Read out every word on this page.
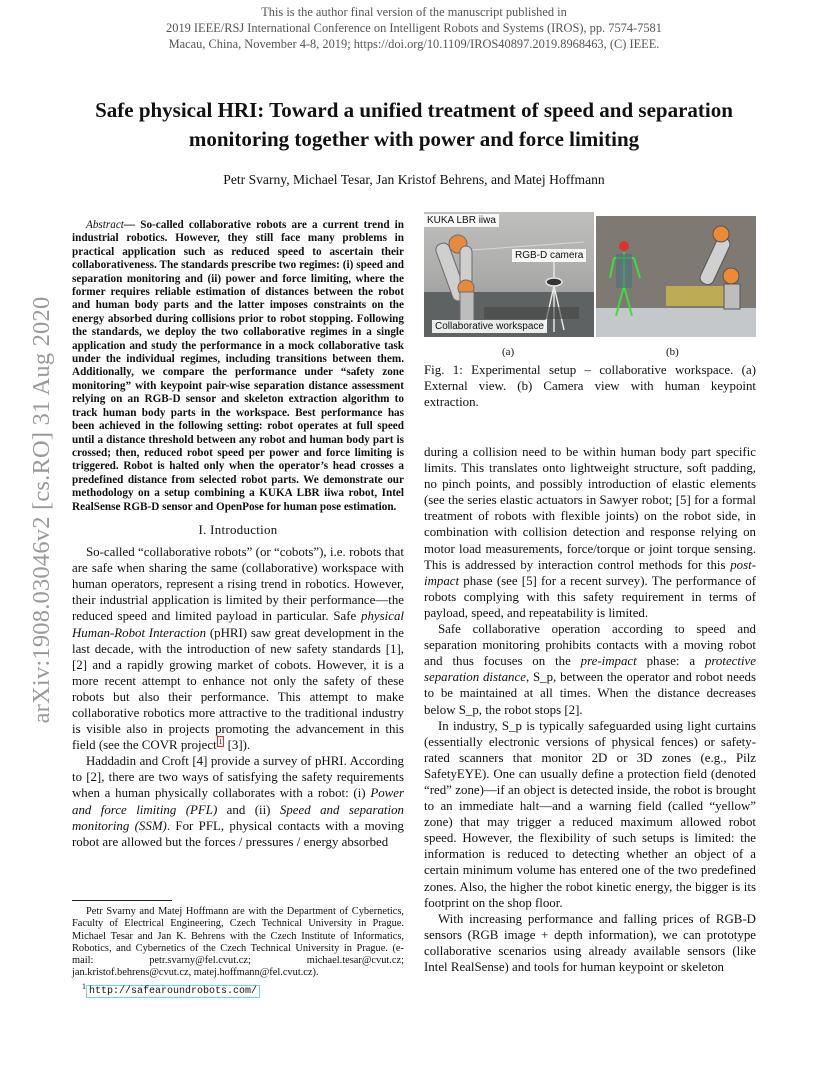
This is the author final version of the manuscript published in
2019 IEEE/RSJ International Conference on Intelligent Robots and Systems (IROS), pp. 7574-7581
Macau, China, November 4-8, 2019; https://doi.org/10.1109/IROS40897.2019.8968463, (C) IEEE.
Safe physical HRI: Toward a unified treatment of speed and separation
monitoring together with power and force limiting
Petr Svarny, Michael Tesar, Jan Kristof Behrens, and Matej Hoffmann
arXiv:1908.03046v2 [cs.RO] 31 Aug 2020
Abstract— So-called collaborative robots are a current trend in industrial robotics. However, they still face many problems in practical application such as reduced speed to ascertain their collaborativeness. The standards prescribe two regimes: (i) speed and separation monitoring and (ii) power and force limiting, where the former requires reliable estimation of distances between the robot and human body parts and the latter imposes constraints on the energy absorbed during collisions prior to robot stopping. Following the standards, we deploy the two collaborative regimes in a single application and study the performance in a mock collaborative task under the individual regimes, including transitions between them. Additionally, we compare the performance under “safety zone monitoring” with keypoint pair-wise separation distance assessment relying on an RGB-D sensor and skeleton extraction algorithm to track human body parts in the workspace. Best performance has been achieved in the following setting: robot operates at full speed until a distance threshold between any robot and human body part is crossed; then, reduced robot speed per power and force limiting is triggered. Robot is halted only when the operator’s head crosses a predefined distance from selected robot parts. We demonstrate our methodology on a setup combining a KUKA LBR iiwa robot, Intel RealSense RGB-D sensor and OpenPose for human pose estimation.
I. Introduction

So-called “collaborative robots” (or “cobots”), i.e. robots that are safe when sharing the same (collaborative) workspace with human operators, represent a rising trend in robotics. However, their industrial application is limited by their performance—the reduced speed and limited payload in particular. Safe physical Human-Robot Interaction (pHRI) saw great development in the last decade, with the introduction of new safety standards [1], [2] and a rapidly growing market of cobots. However, it is a more recent attempt to enhance not only the safety of these robots but also their performance. This attempt to make collaborative robotics more attractive to the traditional industry is visible also in projects promoting the advancement in this field (see the COVR project $^1$ [3]).

Haddadin and Croft [4] provide a survey of pHRI. According to [2], there are two ways of satisfying the safety requirements when a human physically collaborates with a robot: (i) Power and force limiting (PFL) and (ii) Speed and separation monitoring (SSM). For PFL, physical contacts with a moving robot are allowed but the forces / pressures / energy absorbed

Petr Svarny and Matej Hoffmann are with the Department of Cybernetics, Faculty of Electrical Engineering, Czech Technical University in Prague. Michael Tesar and Jan K. Behrens with the Czech Institute of Informatics, Robotics, and Cybernetics of the Czech Technical University in Prague. (e-mail: petr.svarny@fel.cvut.cz; michael.tesar@cvut.cz; jan.kristof.behrens@cvut.cz, matej.hoffmann@fel.cvut.cz).
$^1$ http://safearoundrobots.com/
KUKA LBR iiwa
RGB-D camera
Collaborative workspace
(a)	(b)
Fig. 1: Experimental setup – collaborative workspace. (a) External view. (b) Camera view with human keypoint extraction.

during a collision need to be within human body part specific limits. This translates onto lightweight structure, soft padding, no pinch points, and possibly introduction of elastic elements (see the series elastic actuators in Sawyer robot; [5] for a formal treatment of robots with flexible joints) on the robot side, in combination with collision detection and response relying on motor load measurements, force/torque or joint torque sensing. This is addressed by interaction control methods for this post-impact phase (see [5] for a recent survey). The performance of robots complying with this safety requirement in terms of payload, speed, and repeatability is limited.

Safe collaborative operation according to speed and separation monitoring prohibits contacts with a moving robot and thus focuses on the pre-impact phase: a protective separation distance, S_p, between the operator and robot needs to be maintained at all times. When the distance decreases below S_p, the robot stops [2].

In industry, S_p is typically safeguarded using light curtains (essentially electronic versions of physical fences) or safety-rated scanners that monitor 2D or 3D zones (e.g., Pilz SafetyEYE). One can usually define a protection field (denoted “red” zone)—if an object is detected inside, the robot is brought to an immediate halt—and a warning field (called “yellow” zone) that may trigger a reduced maximum allowed robot speed. However, the flexibility of such setups is limited: the information is reduced to detecting whether an object of a certain minimum volume has entered one of the two predefined zones. Also, the higher the robot kinetic energy, the bigger is its footprint on the shop floor.

With increasing performance and falling prices of RGB-D sensors (RGB image + depth information), we can prototype collaborative scenarios using already available sensors (like Intel RealSense) and tools for human keypoint or skeleton
